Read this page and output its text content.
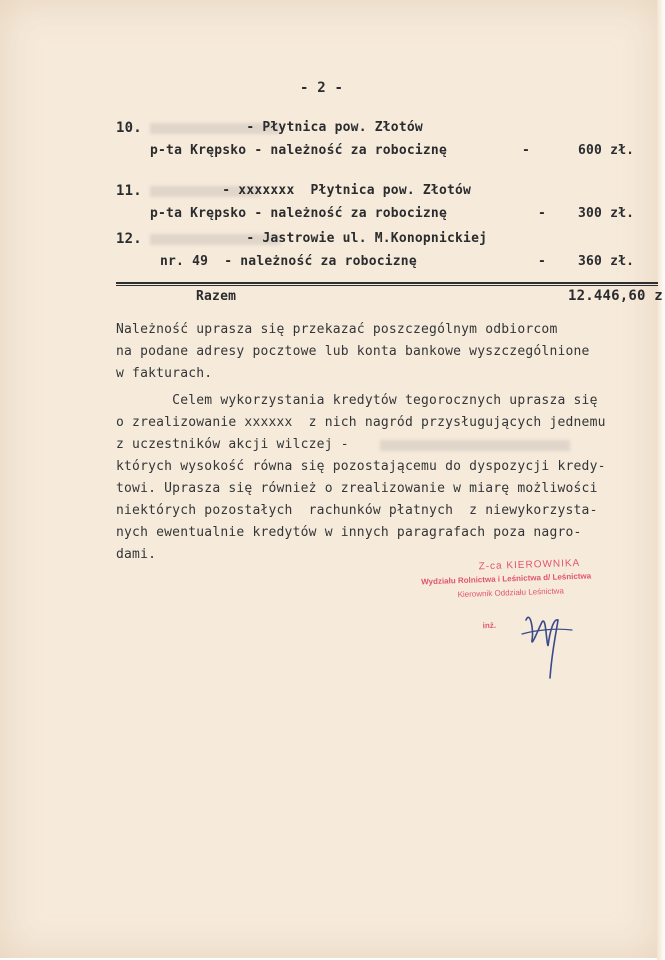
- 2 -
10. - Płytnica pow. Złotów
p-ta Krępsko - należność za robociznę	-	600 zł.
11. - xxxxxxx  Płytnica pow. Złotów
p-ta Krępsko - należność za robociznę	- 300 zł.
12. - Jastrowie ul. M.Konopnickiej
nr. 49  - należność za robociznę	- 360 zł.
Razem	12.446,60 z
Należność uprasza się przekazać poszczególnym odbiorcom
na podane adresy pocztowe lub konta bankowe wyszczególnione
w fakturach.
Celem wykorzystania kredytów tegorocznych uprasza się
o zrealizowanie xxxxxx  z nich nagród przysługujących jednemu
z uczestników akcji wilczej -
których wysokość równa się pozostającemu do dyspozycji kredy-
towi. Uprasza się również o zrealizowanie w miarę możliwości
niektórych pozostałych  rachunków płatnych  z niewykorzystа-
nych ewentualnie kredytów w innych paragrafach poza nagro-
dami.
Z-ca KIEROWNIKA
Wydziału Rolnictwa i Leśnictwa d/ Leśnictwa
Kierownik Oddziału Leśnictwa
inż.
